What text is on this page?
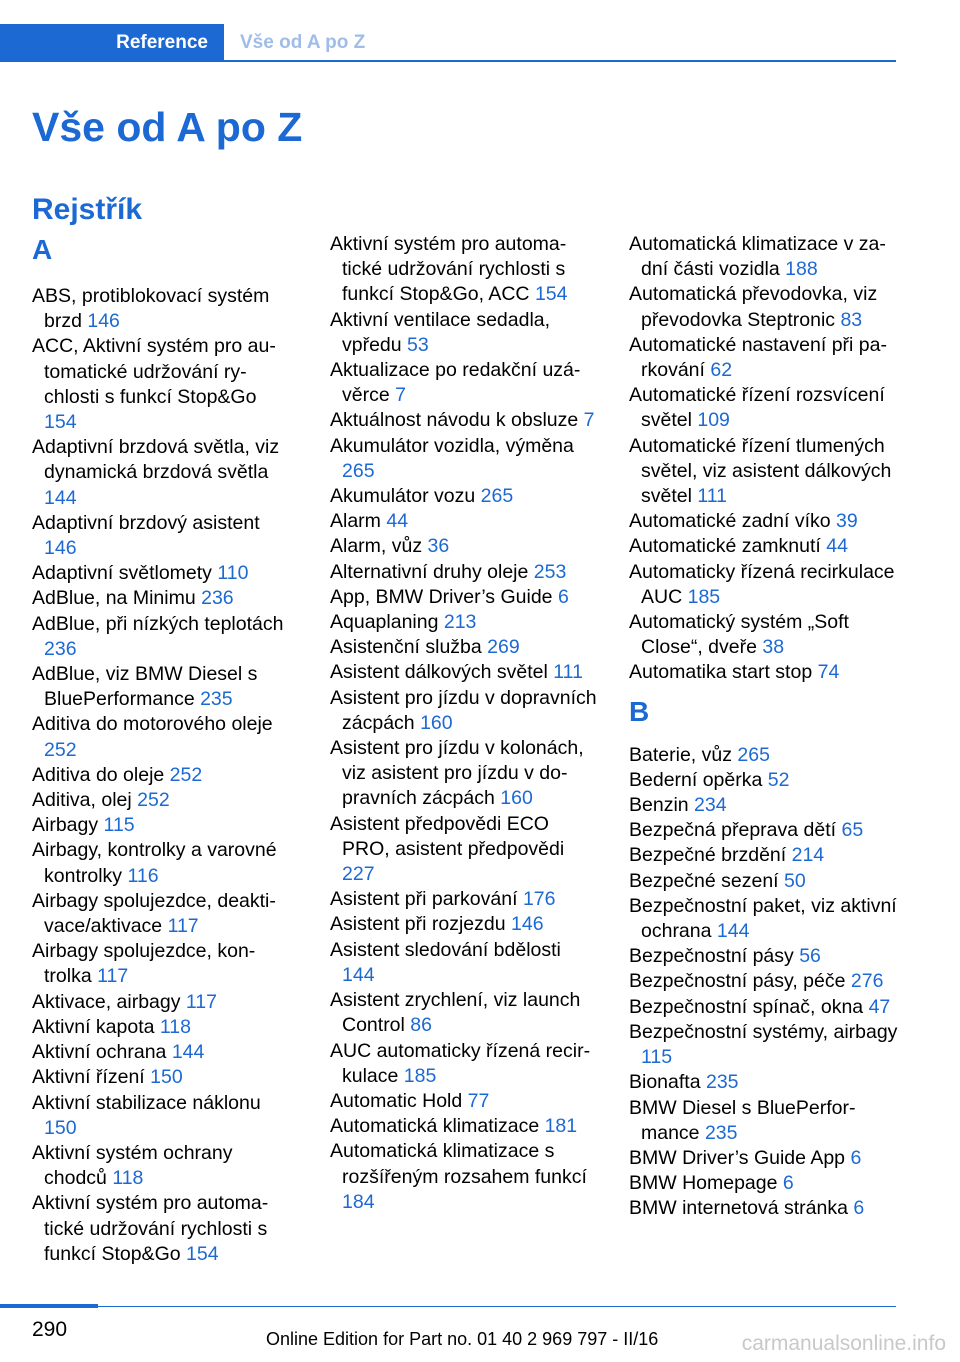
Reference	Vše od A po Z
Vše od A po Z
Rejstřík
A
ABS, protiblokovací systém brzd 146
ACC, Aktivní systém pro automatické udržování rychlosti s funkcí Stop&Go 154
Adaptivní brzdová světla, viz dynamická brzdová světla 144
Adaptivní brzdový asistent 146
Adaptivní světlomety 110
AdBlue, na Minimu 236
AdBlue, při nízkých teplotách 236
AdBlue, viz BMW Diesel s BluePerformance 235
Aditiva do motorového oleje 252
Aditiva do oleje 252
Aditiva, olej 252
Airbagy 115
Airbagy, kontrolky a varovné kontrolky 116
Airbagy spolujezdce, deaktivace/aktivace 117
Airbagy spolujezdce, kontrolka 117
Aktivace, airbagy 117
Aktivní kapota 118
Aktivní ochrana 144
Aktivní řízení 150
Aktivní stabilizace náklonu 150
Aktivní systém ochrany chodců 118
Aktivní systém pro automatické udržování rychlosti s funkcí Stop&Go 154
Aktivní systém pro automatické udržování rychlosti s funkcí Stop&Go, ACC 154
Aktivní ventilace sedadla, vpředu 53
Aktualizace po redakční uzávěrce 7
Aktuálnost návodu k obsluze 7
Akumulátor vozidla, výměna 265
Akumulátor vozu 265
Alarm 44
Alarm, vůz 36
Alternativní druhy oleje 253
App, BMW Driver’s Guide 6
Aquaplaning 213
Asistenční služba 269
Asistent dálkových světel 111
Asistent pro jízdu v dopravních zácpách 160
Asistent pro jízdu v kolonách, viz asistent pro jízdu v dopravních zácpách 160
Asistent předpovědi ECO PRO, asistent předpovědi 227
Asistent při parkování 176
Asistent při rozjezdu 146
Asistent sledování bdělosti 144
Asistent zrychlení, viz launch Control 86
AUC automaticky řízená recirkulace 185
Automatic Hold 77
Automatická klimatizace 181
Automatická klimatizace s rozšířeným rozsahem funkcí 184
Automatická klimatizace v zadní části vozidla 188
Automatická převodovka, viz převodovka Steptronic 83
Automatické nastavení při parkování 62
Automatické řízení rozsvícení světel 109
Automatické řízení tlumených světel, viz asistent dálkových světel 111
Automatické zadní víko 39
Automatické zamknutí 44
Automaticky řízená recirkulace AUC 185
Automatický systém „Soft Close“, dveře 38
Automatika start stop 74
B
Baterie, vůz 265
Bederní opěrka 52
Benzin 234
Bezpečná přeprava dětí 65
Bezpečné brzdění 214
Bezpečné sezení 50
Bezpečnostní paket, viz aktivní ochrana 144
Bezpečnostní pásy 56
Bezpečnostní pásy, péče 276
Bezpečnostní spínač, okna 47
Bezpečnostní systémy, airbagy 115
Bionafta 235
BMW Diesel s BluePerformance 235
BMW Driver’s Guide App 6
BMW Homepage 6
BMW internetová stránka 6
290	Online Edition for Part no. 01 40 2 969 797 - II/16	carmanualsonline.info
